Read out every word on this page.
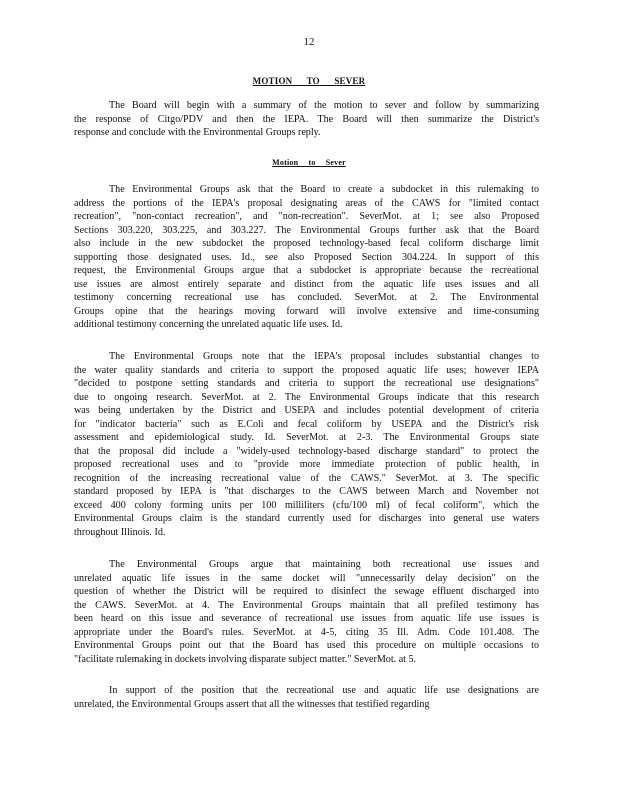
12
MOTION TO SEVER
Motion to Sever
The Board will begin with a summary of the motion to sever and follow by summarizing
the response of Citgo/PDV and then the IEPA. The Board will then summarize the District's
response and conclude with the Environmental Groups reply.
The Environmental Groups ask that the Board to create a subdocket in this rulemaking to
address the portions of the IEPA's proposal designating areas of the CAWS for "limited contact
recreation", "non-contact recreation", and "non-recreation". SeverMot. at 1; see also Proposed
Sections 303.220, 303.225, and 303.227. The Environmental Groups further ask that the Board
also include in the new subdocket the proposed technology-based fecal coliform discharge limit
supporting those designated uses. Id., see also Proposed Section 304.224. In support of this
request, the Environmental Groups argue that a subdocket is appropriate because the recreational
use issues are almost entirely separate and distinct from the aquatic life uses issues and all
testimony concerning recreational use has concluded. SeverMot. at 2. The Environmental
Groups opine that the hearings moving forward will involve extensive and time-consuming
additional testimony concerning the unrelated aquatic life uses. Id.
The Environmental Groups note that the IEPA's proposal includes substantial changes to
the water quality standards and criteria to support the proposed aquatic life uses; however IEPA
"decided to postpone setting standards and criteria to support the recreational use designations"
due to ongoing research. SeverMot. at 2. The Environmental Groups indicate that this research
was being undertaken by the District and USEPA and includes potential development of criteria
for "indicator bacteria" such as E.Coli and fecal coliform by USEPA and the District's risk
assessment and epidemiological study. Id. SeverMot. at 2-3. The Environmental Groups state
that the proposal did include a "widely-used technology-based discharge standard" to protect the
proposed recreational uses and to "provide more immediate protection of public health, in
recognition of the increasing recreational value of the CAWS." SeverMot. at 3. The specific
standard proposed by IEPA is "that discharges to the CAWS between March and November not
exceed 400 colony forming units per 100 milliliters (cfu/100 ml) of fecal coliform", which the
Environmental Groups claim is the standard currently used for discharges into general use waters
throughout Illinois. Id.
The Environmental Groups argue that maintaining both recreational use issues and
unrelated aquatic life issues in the same docket will "unnecessarily delay decision" on the
question of whether the District will be required to disinfect the sewage effluent discharged into
the CAWS. SeverMot. at 4. The Environmental Groups maintain that all prefiled testimony has
been heard on this issue and severance of recreational use issues from aquatic life use issues is
appropriate under the Board's rules. SeverMot. at 4-5, citing 35 Ill. Adm. Code 101.408. The
Environmental Groups point out that the Board has used this procedure on multiple occasions to
"facilitate rulemaking in dockets involving disparate subject matter." SeverMot. at 5.
In support of the position that the recreational use and aquatic life use designations are
unrelated, the Environmental Groups assert that all the witnesses that testified regarding
